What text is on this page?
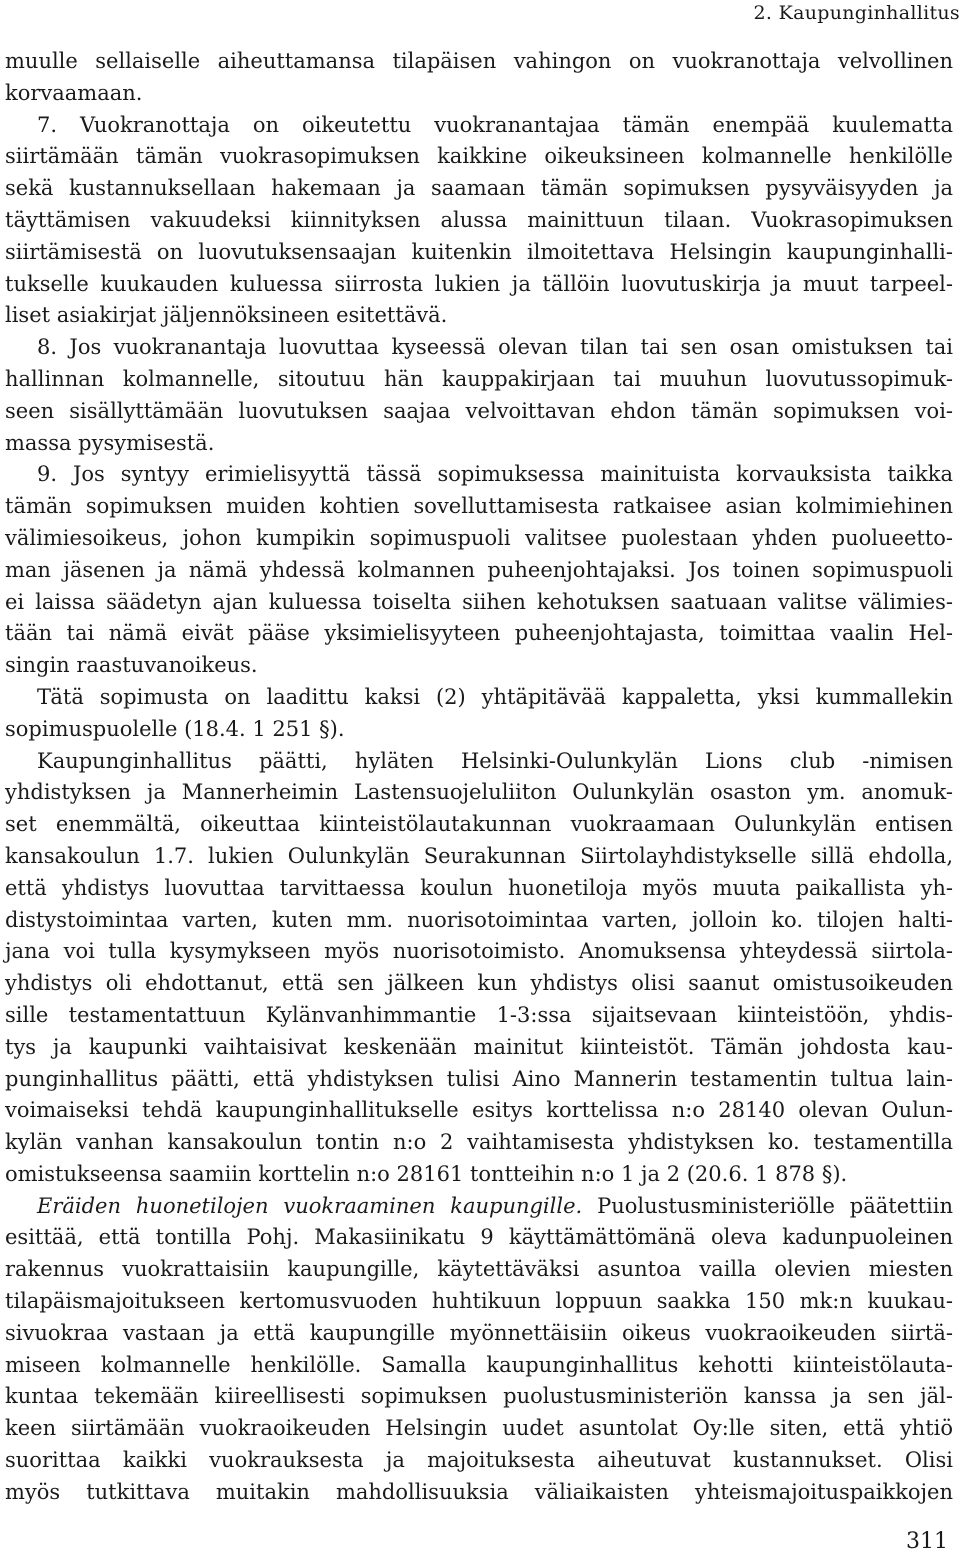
2. Kaupunginhallitus

muulle sellaiselle aiheuttamansa tilapäisen vahingon on vuokranottaja velvollinen
korvaamaan.

7. Vuokranottaja on oikeutettu vuokranantajaa tämän enempää kuulematta
siirtämään tämän vuokrasopimuksen kaikkine oikeuksineen kolmannelle henkilölle
sekä kustannuksellaan hakemaan ja saamaan tämän sopimuksen pysyväisyyden ja
täyttämisen vakuudeksi kiinnityksen alussa mainittuun tilaan. Vuokrasopimuksen
siirtämisestä on luovutuksensaajan kuitenkin ilmoitettava Helsingin kaupunginhalli-
tukselle kuukauden kuluessa siirrosta lukien ja tällöin luovutuskirja ja muut tarpeel-
liset asiakirjat jäljennöksineen esitettävä.

8. Jos vuokranantaja luovuttaa kyseessä olevan tilan tai sen osan omistuksen tai
hallinnan kolmannelle, sitoutuu hän kauppakirjaan tai muuhun luovutussopimuk-
seen sisällyttämään luovutuksen saajaa velvoittavan ehdon tämän sopimuksen voi-
massa pysymisestä.

9. Jos syntyy erimielisyyttä tässä sopimuksessa mainituista korvauksista taikka
tämän sopimuksen muiden kohtien sovelluttamisesta ratkaisee asian kolmimiehinen
välimiesoikeus, johon kumpikin sopimuspuoli valitsee puolestaan yhden puolueetto-
man jäsenen ja nämä yhdessä kolmannen puheenjohtajaksi. Jos toinen sopimuspuoli
ei laissa säädetyn ajan kuluessa toiselta siihen kehotuksen saatuaan valitse välimies-
tään tai nämä eivät pääse yksimielisyyteen puheenjohtajasta, toimittaa vaalin Hel-
singin raastuvanoikeus.

Tätä sopimusta on laadittu kaksi (2) yhtäpitävää kappaletta, yksi kummallekin
sopimuspuolelle (18.4. 1 251 §).

Kaupunginhallitus päätti, hyläten Helsinki-Oulunkylän Lions club -nimisen
yhdistyksen ja Mannerheimin Lastensuojeluliiton Oulunkylän osaston ym. anomuk-
set enemmältä, oikeuttaa kiinteistölautakunnan vuokraamaan Oulunkylän entisen
kansakoulun 1.7. lukien Oulunkylän Seurakunnan Siirtolayhdistykselle sillä ehdolla,
että yhdistys luovuttaa tarvittaessa koulun huonetiloja myös muuta paikallista yh-
distystoimintaa varten, kuten mm. nuorisotoimintaa varten, jolloin ko. tilojen halti-
jana voi tulla kysymykseen myös nuorisotoimisto. Anomuksensa yhteydessä siirtola-
yhdistys oli ehdottanut, että sen jälkeen kun yhdistys olisi saanut omistusoikeuden
sille testamentattuun Kylänvanhimmantie 1-3:ssa sijaitsevaan kiinteistöön, yhdis-
tys ja kaupunki vaihtaisivat keskenään mainitut kiinteistöt. Tämän johdosta kau-
punginhallitus päätti, että yhdistyksen tulisi Aino Mannerin testamentin tultua lain-
voimaiseksi tehdä kaupunginhallitukselle esitys korttelissa n:o 28140 olevan Oulun-
kylän vanhan kansakoulun tontin n:o 2 vaihtamisesta yhdistyksen ko. testamentilla
omistukseensa saamiin korttelin n:o 28161 tontteihin n:o 1 ja 2 (20.6. 1 878 §).

Eräiden huonetilojen vuokraaminen kaupungille. Puolustusministeriölle päätettiin
esittää, että tontilla Pohj. Makasiinikatu 9 käyttämättömänä oleva kadunpuoleinen
rakennus vuokrattaisiin kaupungille, käytettäväksi asuntoa vailla olevien miesten
tilapäismajoitukseen kertomusvuoden huhtikuun loppuun saakka 150 mk:n kuukau-
sivuokraa vastaan ja että kaupungille myönnettäisiin oikeus vuokraoikeuden siirtä-
miseen kolmannelle henkilölle. Samalla kaupunginhallitus kehotti kiinteistölauta-
kuntaa tekemään kiireellisesti sopimuksen puolustusministeriön kanssa ja sen jäl-
keen siirtämään vuokraoikeuden Helsingin uudet asuntolat Oy:lle siten, että yhtiö
suorittaa kaikki vuokrauksesta ja majoituksesta aiheutuvat kustannukset. Olisi
myös tutkittava muitakin mahdollisuuksia väliaikaisten yhteismajoituspaikkojen

311
